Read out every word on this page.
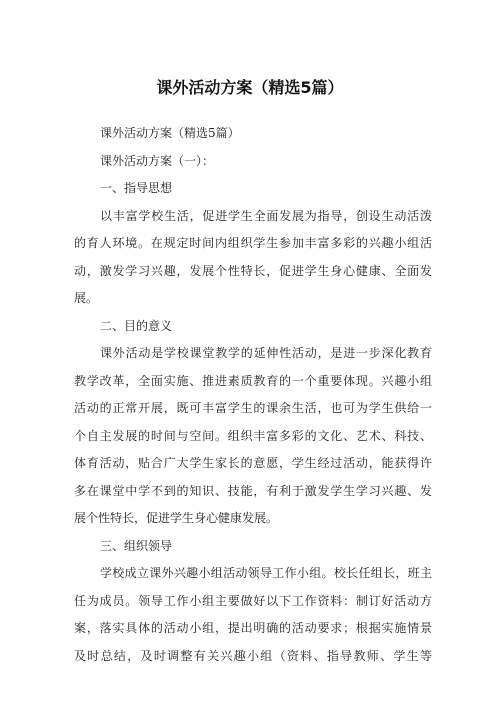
课外活动方案（精选5篇）
课外活动方案（精选5篇）
课外活动方案（一）：
一、指导思想
以丰富学校生活，促进学生全面发展为指导，创设生动活泼
的育人环境。在规定时间内组织学生参加丰富多彩的兴趣小组活
动，激发学习兴趣，发展个性特长，促进学生身心健康、全面发
展。
二、目的意义
课外活动是学校课堂教学的延伸性活动，是进一步深化教育
教学改革，全面实施、推进素质教育的一个重要体现。兴趣小组
活动的正常开展，既可丰富学生的课余生活，也可为学生供给一
个自主发展的时间与空间。组织丰富多彩的文化、艺术、科技、
体育活动，贴合广大学生家长的意愿，学生经过活动，能获得许
多在课堂中学不到的知识、技能，有利于激发学生学习兴趣、发
展个性特长，促进学生身心健康发展。
三、组织领导
学校成立课外兴趣小组活动领导工作小组。校长任组长，班主
任为成员。领导工作小组主要做好以下工作资料：制订好活动方
案，落实具体的活动小组，提出明确的活动要求；根据实施情景
及时总结，及时调整有关兴趣小组（资料、指导教师、学生等
